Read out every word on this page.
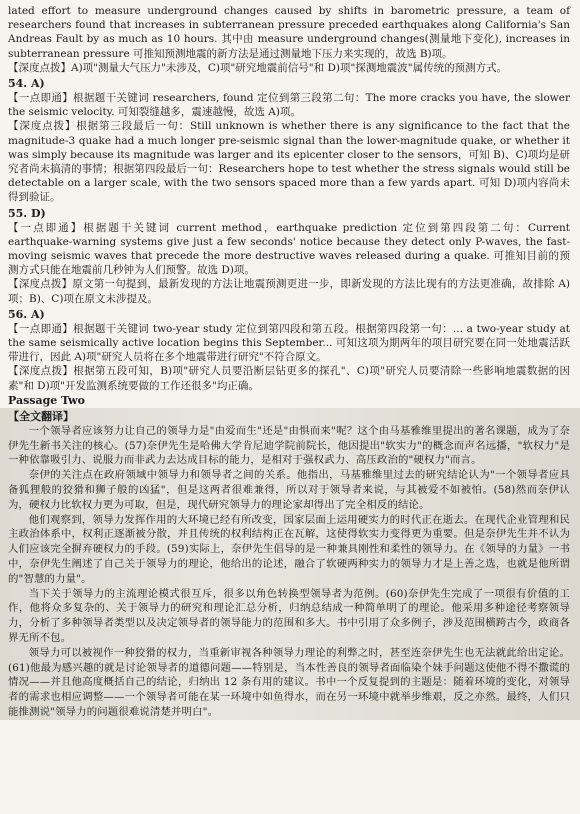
lated effort to measure underground changes caused by shifts in barometric pressure, a team of researchers found that increases in subterranean pressure preceded earthquakes along California's San Andreas Fault by as much as 10 hours. 其中由 measure underground changes(测量地下变化), increases in subterranean pressure 可推知预测地震的新方法是通过测量地下压力来实现的，故选 B)项。

【深度点拨】A)项"测量大气压力"未涉及，C)项"研究地震前信号"和 D)项"探测地震波"属传统的预测方式。

54. A)

【一点即通】根据题干关键词 researchers, found 定位到第三段第二句：The more cracks you have, the slower the seismic velocity. 可知裂缝越多，震速越慢，故选 A)项。

【深度点拨】根据第三段最后一句：Still unknown is whether there is any significance to the fact that the magnitude-3 quake had a much longer pre-seismic signal than the lower-magnitude quake, or whether it was simply because its magnitude was larger and its epicenter closer to the sensors，可知 B)、C)项均是研究者尚未搞清的事情；根据第四段最后一句：Researchers hope to test whether the stress signals would still be detectable on a larger scale, with the two sensors spaced more than a few yards apart. 可知 D)项内容尚未得到验证。

55. D)

【一点即通】根据题干关键词 current method，earthquake prediction 定位到第四段第二句：Current earthquake-warning systems give just a few seconds' notice because they detect only P-waves, the fast-moving seismic waves that precede the more destructive waves released during a quake. 可推知目前的预测方式只能在地震前几秒钟为人们预警。故选 D)项。

【深度点拨】原文第一句提到，最新发现的方法让地震预测更进一步，即新发现的方法比现有的方法更准确，故排除 A)项；B)、C)项在原文未涉提及。

56. A)

【一点即通】根据题干关键词 two-year study 定位到第四段和第五段。根据第四段第一句：... a two-year study at the same seismically active location begins this September... 可知这项为期两年的项目研究要在同一处地震活跃带进行，因此 A)项"研究人员将在多个地震带进行研究"不符合原文。

【深度点拨】根据第五段可知，B)项"研究人员要沿断层钻更多的探孔"、C)项"研究人员要清除一些影响地震数据的因素"和 D)项"开发监测系统要做的工作还很多"均正确。

Passage Two

【全文翻译】

一个领导者应该努力让自己的领导力是"由爱而生"还是"由惧而来"呢？这个由马基雅维里提出的著名课题，成为了奈伊先生新书关注的核心。(57)奈伊先生是哈佛大学肯尼迪学院前院长，他因提出"软实力"的概念而声名远播，"软权力"是一种依靠吸引力、说服力而非武力去达成目标的能力，是相对于强权武力、高压政治的"硬权力"而言。

奈伊的关注点在政府领域中领导力和领导者之间的关系。他指出，马基雅维里过去的研究结论认为"一个领导者应具备狐狸般的狡猾和狮子般的凶猛"，但是这两者很难兼得，所以对于领导者来说，与其被爱不如被怕。(58)然而奈伊认为，硬权力比软权力更为可取，但是，现代研究领导力的理论家却得出了完全相反的结论。

他们观察到，领导力发挥作用的大环境已经有所改变，国家层面上运用硬实力的时代正在逝去。在现代企业管理和民主政治体系中，权利正逐渐被分散，并且传统的权利结构正在瓦解，这使得软实力变得更为重要。但是奈伊先生并不认为人们应该完全摒弃硬权力的手段。(59)实际上，奈伊先生倡导的是一种兼具刚性和柔性的领导力。在《领导的力量》一书中，奈伊先生阐述了自己关于领导力的理论，他给出的论述，融合了软硬两种实力的领导力才是上善之选，也就是他所谓的"智慧的力量"。

当下关于领导力的主流理论模式很互斥，很多以角色转换型领导者为范例。(60)奈伊先生完成了一项很有价值的工作，他将众多复杂的、关于领导力的研究和理论汇总分析，归纳总结成一种简单明了的理论。他采用多种途径考察领导力，分析了多种领导者类型以及决定领导者的领导能力的范围和多大。书中引用了众多例子，涉及范围横跨古今，政商各界无所不包。

领导力可以被视作一种狡猾的权力，当重新审视各种领导力理论的利弊之时，甚至连奈伊先生也无法就此给出定论。(61)他最为感兴趣的就是讨论领导者的道德问题——特别是，当本性善良的领导者面临染个妹手问题这使他不得不撒谎的情况——并且他高度概括自己的结论，归纳出 12 条有用的建议。书中一个反复提到的主题是：随着环境的变化，对领导者的需求也相应调整——一个领导者可能在某一环境中如鱼得水，而在另一环境中就举步维艰，反之亦然。最终，人们只能推测说"领导力的问题很难说清楚并明白"。
